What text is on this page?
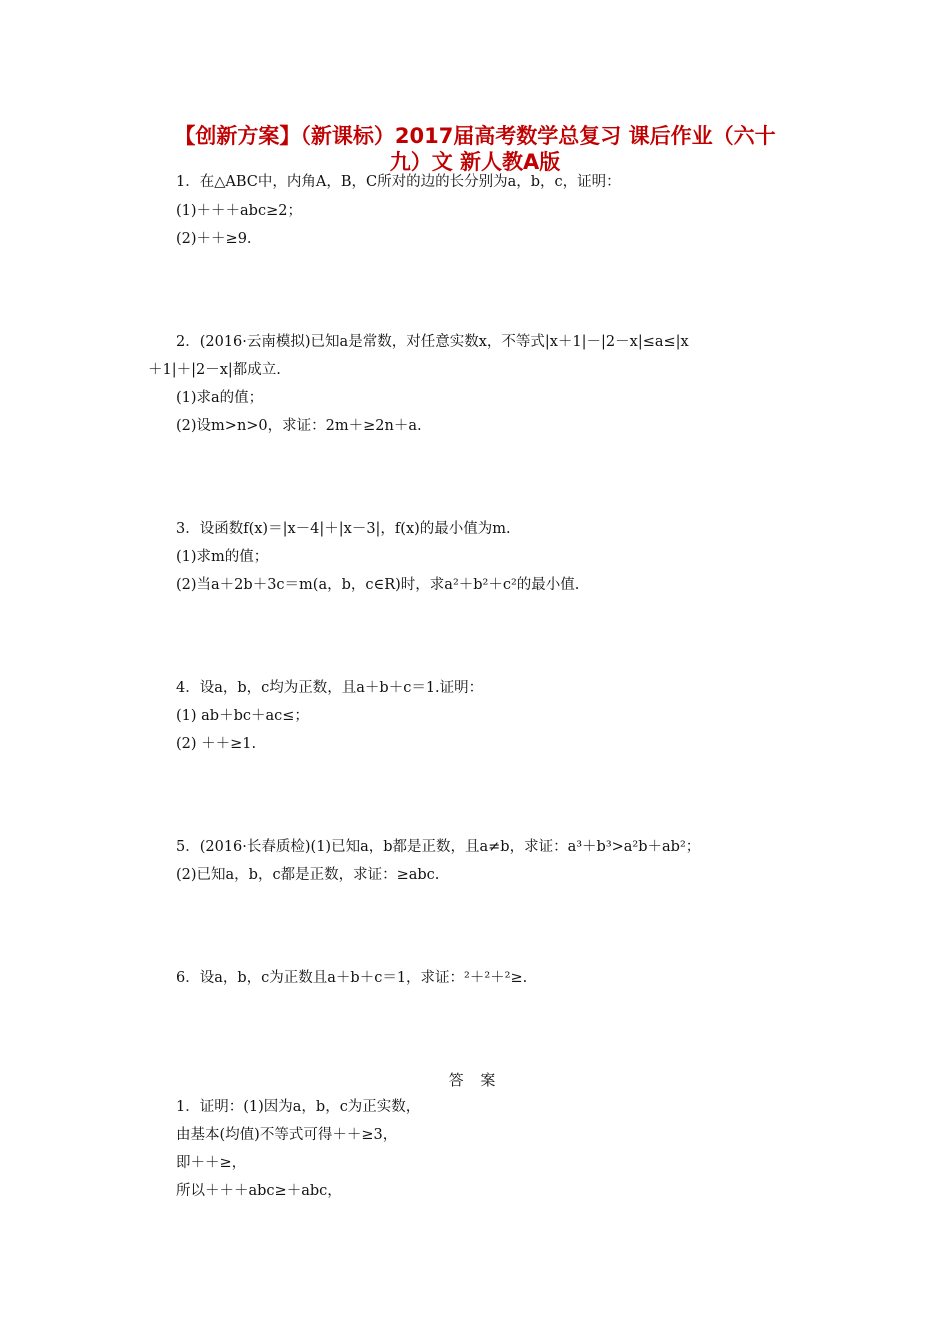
【创新方案】（新课标）2017届高考数学总复习 课后作业（六十
九）文 新人教A版
1．在△ABC中，内角A，B，C所对的边的长分别为a，b，c，证明：
(1)＋＋＋abc≥2；
(2)＋＋≥9.
2．(2016·云南模拟)已知a是常数，对任意实数x，不等式|x＋1|－|2－x|≤a≤|x
＋1|＋|2－x|都成立.
(1)求a的值；
(2)设m>n>0，求证：2m＋≥2n＋a.
3．设函数f(x)＝|x－4|＋|x－3|，f(x)的最小值为m.
(1)求m的值；
(2)当a＋2b＋3c＝m(a，b，c∈R)时，求a²＋b²＋c²的最小值.
4．设a，b，c均为正数，且a＋b＋c＝1.证明：
(1) ab＋bc＋ac≤；
(2) ＋＋≥1.
5．(2016·长春质检)(1)已知a，b都是正数，且a≠b，求证：a³＋b³>a²b＋ab²；
(2)已知a，b，c都是正数，求证：≥abc.
6．设a，b，c为正数且a＋b＋c＝1，求证：²＋²＋²≥.
答 案
1．证明：(1)因为a，b，c为正实数，
由基本(均值)不等式可得＋＋≥3，
即＋＋≥，
所以＋＋＋abc≥＋abc，
